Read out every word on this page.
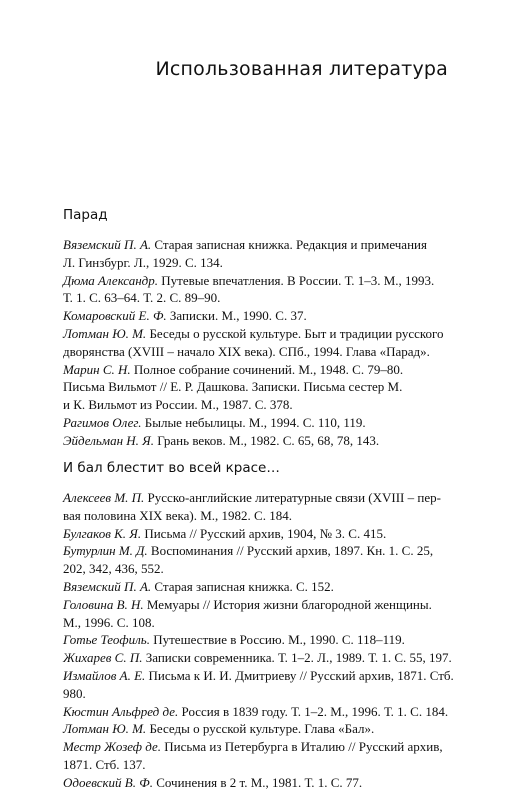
Использованная литература
Парад
Вяземский П. А. Старая записная книжка. Редакция и примечания
Л. Гинзбург. Л., 1929. С. 134.
Дюма Александр. Путевые впечатления. В России. Т. 1–3. М., 1993.
Т. 1. С. 63–64. Т. 2. С. 89–90.
Комаровский Е. Ф. Записки. М., 1990. С. 37.
Лотман Ю. М. Беседы о русской культуре. Быт и традиции русского
дворянства (XVIII – начало XIX века). СПб., 1994. Глава «Парад».
Марин С. Н. Полное собрание сочинений. М., 1948. С. 79–80.
Письма Вильмот // Е. Р. Дашкова. Записки. Письма сестер М.
и К. Вильмот из России. М., 1987. С. 378.
Рагимов Олег. Былые небылицы. М., 1994. С. 110, 119.
Эйдельман Н. Я. Грань веков. М., 1982. С. 65, 68, 78, 143.
И бал блестит во всей красе…
Алексеев М. П. Русско-английские литературные связи (XVIII – пер-
вая половина XIX века). М., 1982. С. 184.
Булгаков К. Я. Письма // Русский архив, 1904, № 3. С. 415.
Бутурлин М. Д. Воспоминания // Русский архив, 1897. Кн. 1. С. 25,
202, 342, 436, 552.
Вяземский П. А. Старая записная книжка. С. 152.
Головина В. Н. Мемуары // История жизни благородной женщины.
М., 1996. С. 108.
Готье Теофиль. Путешествие в Россию. М., 1990. С. 118–119.
Жихарев С. П. Записки современника. Т. 1–2. Л., 1989. Т. 1. С. 55, 197.
Измайлов А. Е. Письма к И. И. Дмитриеву // Русский архив, 1871. Стб.
980.
Кюстин Альфред де. Россия в 1839 году. Т. 1–2. М., 1996. Т. 1. С. 184.
Лотман Ю. М. Беседы о русской культуре. Глава «Бал».
Местр Жозеф де. Письма из Петербурга в Италию // Русский архив,
1871. Стб. 137.
Одоевский В. Ф. Сочинения в 2 т. М., 1981. Т. 1. С. 77.
